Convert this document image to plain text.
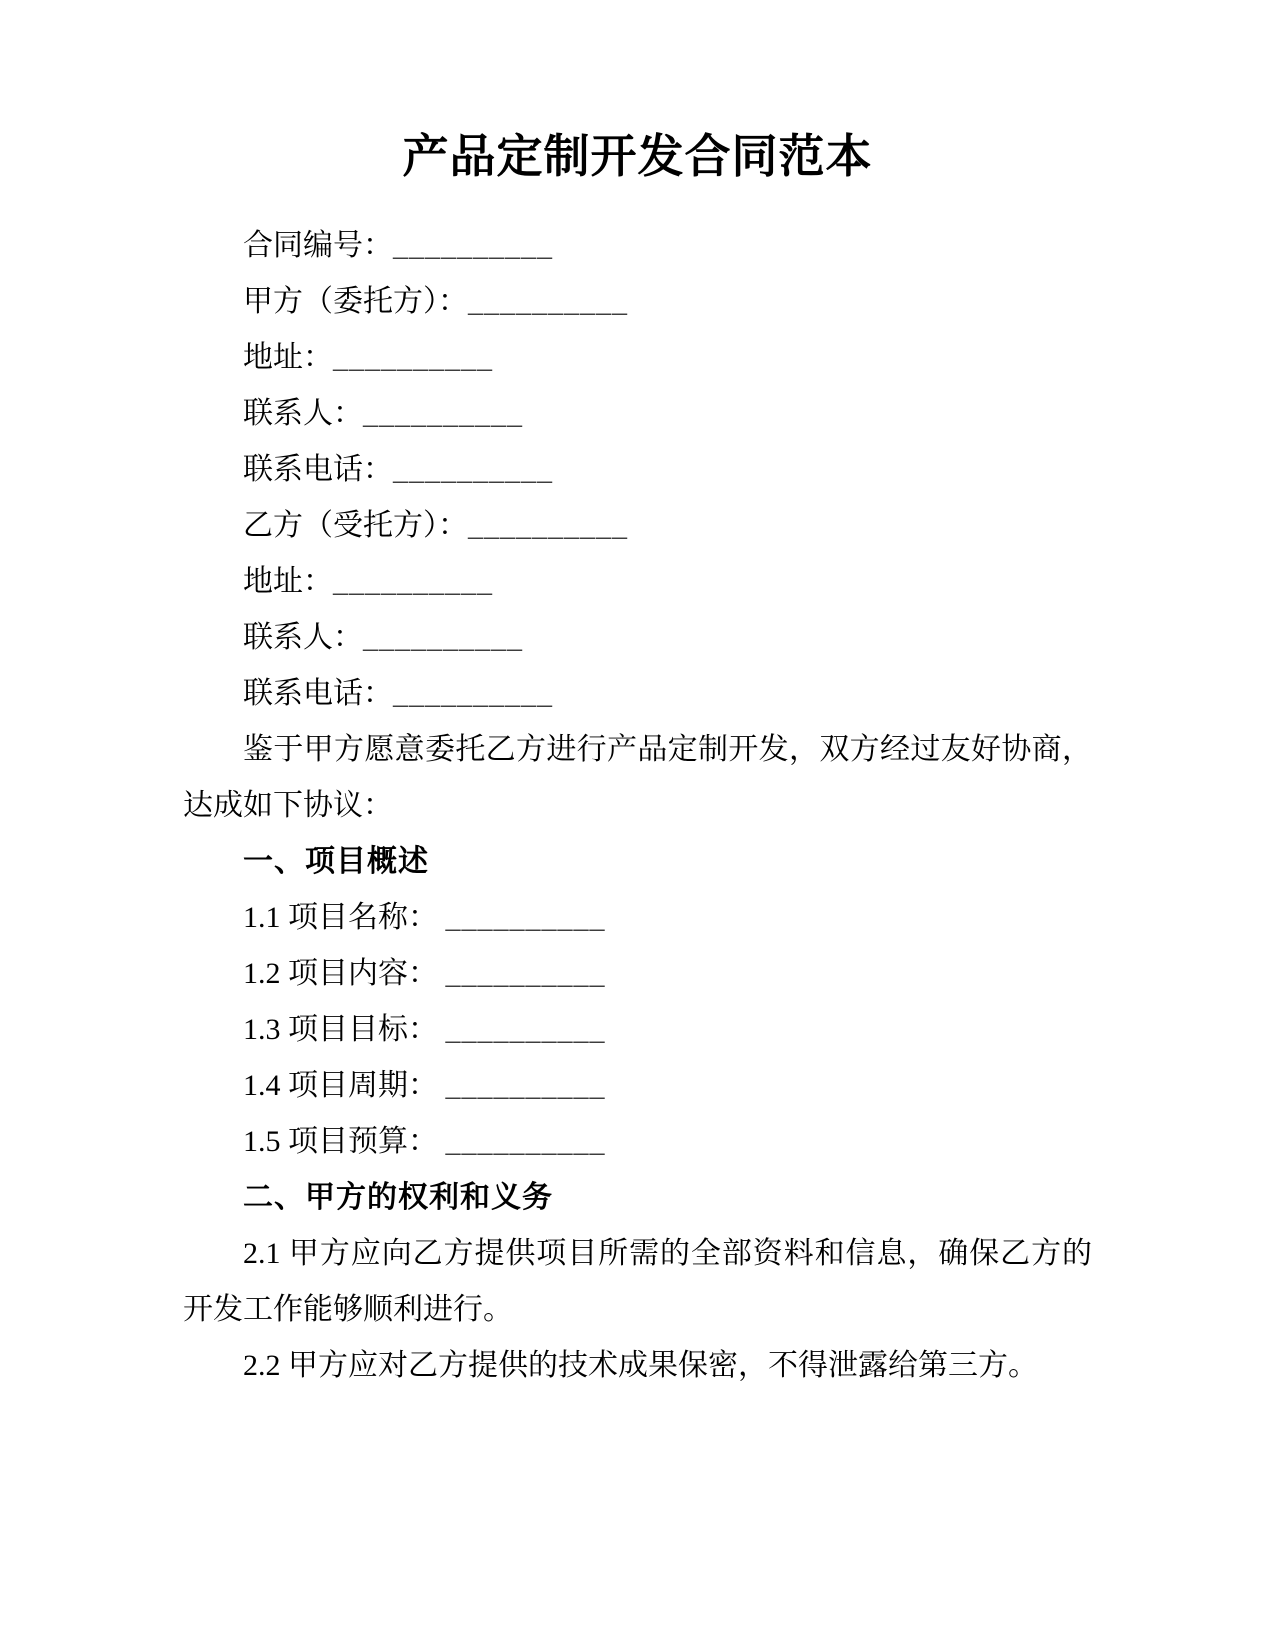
产品定制开发合同范本
合同编号：__________
甲方（委托方）：__________
地址：__________
联系人：__________
联系电话：__________
乙方（受托方）：__________
地址：__________
联系人：__________
联系电话：__________

鉴于甲方愿意委托乙方进行产品定制开发，双方经过友好协商，达成如下协议：

一、项目概述

1.1 项目名称： __________
1.2 项目内容： __________
1.3 项目目标： __________
1.4 项目周期： __________
1.5 项目预算： __________

二、甲方的权利和义务

2.1 甲方应向乙方提供项目所需的全部资料和信息，确保乙方的开发工作能够顺利进行。

2.2 甲方应对乙方提供的技术成果保密，不得泄露给第三方。
